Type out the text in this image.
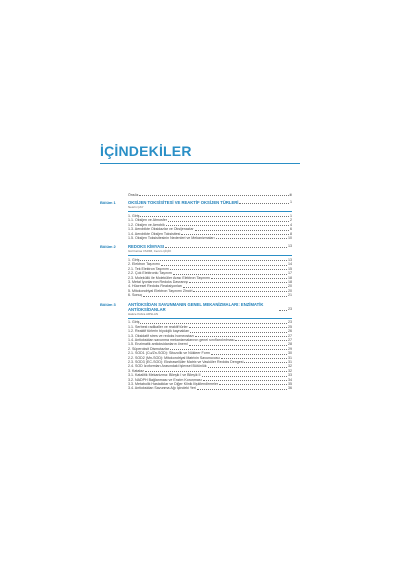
İÇİNDEKİLER
Önsöz	iii
Bölüm 1	OKSİJEN TOKSİSİTESİ VE REAKTİF OKSİJEN TÜRLERİ	1
Nesrin ÇAY
1. Giriş	1
1.1. Oksijen ve Atmosfer	2
1.2. Oksijen ve Aerobik	4
1.3. Aerobikte Oksidazlar ve Oksijenazlar	6
1.4. Aerobikte Oksijen Toksisitesi	8
1.5. Oksijen Toksisitesinin Nedenleri ve Mekanizmaları	10
Bölüm 2	REDOKS KİMYASI	13
Gül Fatma YARIM, Cenzo ÇİÇİK
1. Giriş	13
2. Elektron Taşınımı	14
2.1. Tek Elektron Taşınımı	15
2.2. Çok Elektronlu Taşınım	17
2.3. Moleküllü ile Moleküller Arası Elektron Taşınımı	18
3. Metal İyonlarının Redoks Davranışı	18
4. Hücresel Redoks Reaksiyonları	20
5. Mitokondriyal Elektron Taşınımı Zinciri	20
6. Sonuç	21
Bölüm 3	ANTİOKSİDAN SAVUNMANIN GENEL MEKANİZMALARI: ENZİMATİK ANTİOKSİDANLAR	23
Hatice Kübra ARSLAN
1. Giriş	23
1.1. Serbest radikaller ve reaktif türler	25
1.2. Reaktif türlerin biyolojik kaynakları	26
1.3. Oksidatif stres ve redoks homeostazı	27
1.4. Antioksidan savunma mekanizmalarının genel sınıflandırılması	27
1.5. Enzimatik antioksidanların önemi	28
2. Süperoksit Dismutazlar	29
2.1. SOD1 (Cu/Zn-SOD): Sitozolik ve Nükleer Form	30
2.2. SOD2 (Mn-SOD): Mitokondriyal Matrixin Savunucusu	31
2.3. SOD3 (EC-SOD): Ekstrasellüler Matrix ve Vasküler Redoks Dengesi	31
2.4. SOD İzoformları Arasındaki İşlevsel Bütünlük	32
3. Katalaz	32
3.1. Katalitik Mekanizma: Bileşik I ve Bileşik II	33
3.2. NADPH Bağlanması ve Enzim Korunması	34
3.3. Metabolik Hastalıklar ve Diğer Klinik İlişkilendirmeler	35
3.4. Antioksidan Savunma Ağı İçindeki Yeri	36
